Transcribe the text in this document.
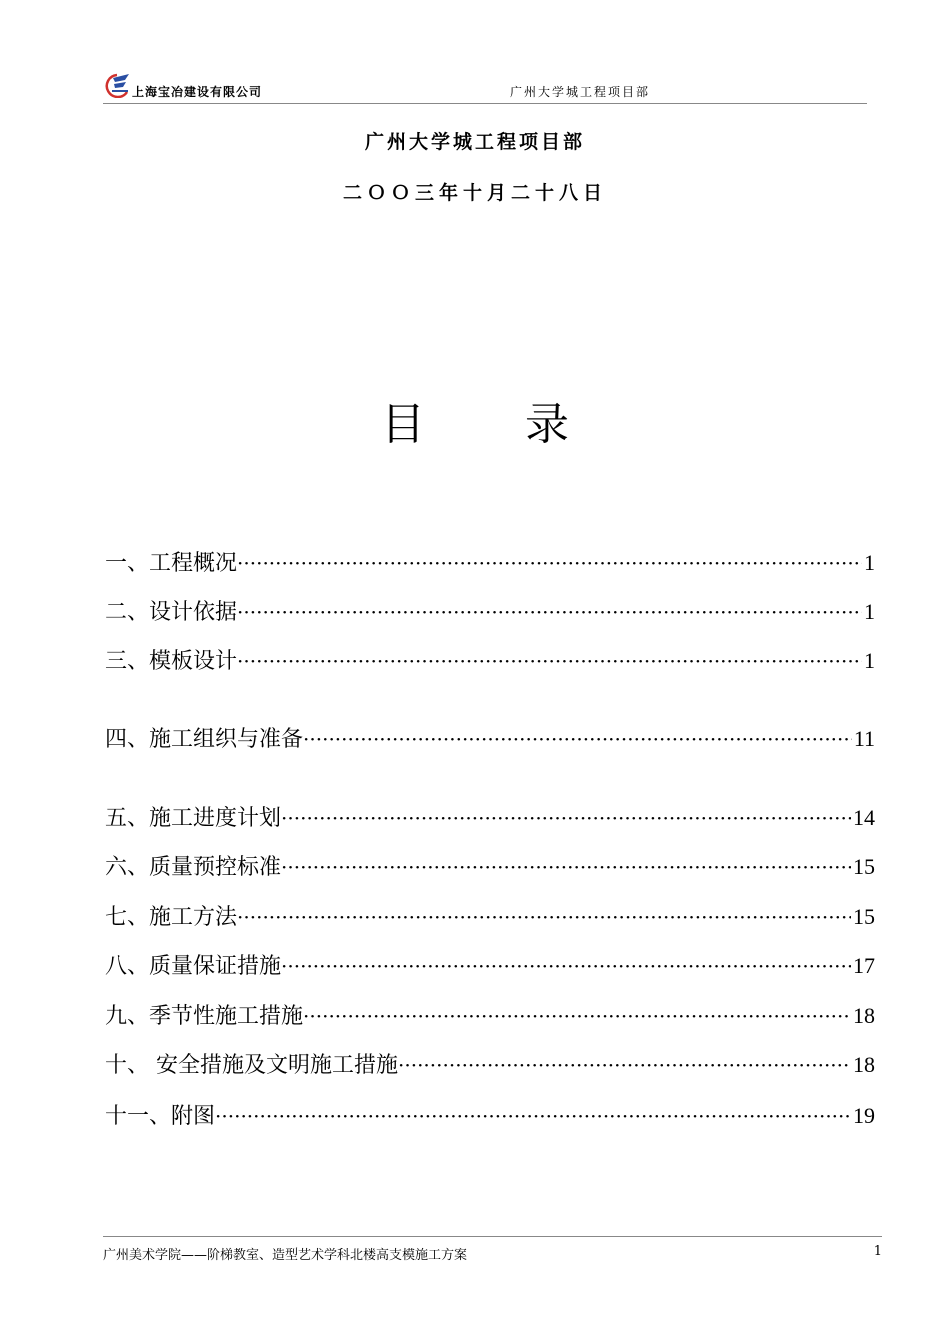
上海宝冶建设有限公司	广州大学城工程项目部
广州大学城工程项目部
二ＯＯ三年十月二十八日
目录
一、工程概况 ·····	1
二、设计依据 ·····	1
三、模板设计 ·····	1
四、施工组织与准备 ·····	11
五、施工进度计划 ·····	14
六、质量预控标准 ·····	15
七、施工方法 ·····	15
八、质量保证措施 ·····	17
九、季节性施工措施 ·····	18
十、 安全措施及文明施工措施 ·····	18
十一、附图 ·····	19
广州美术学院——阶梯教室、造型艺术学科北楼高支模施工方案	1
